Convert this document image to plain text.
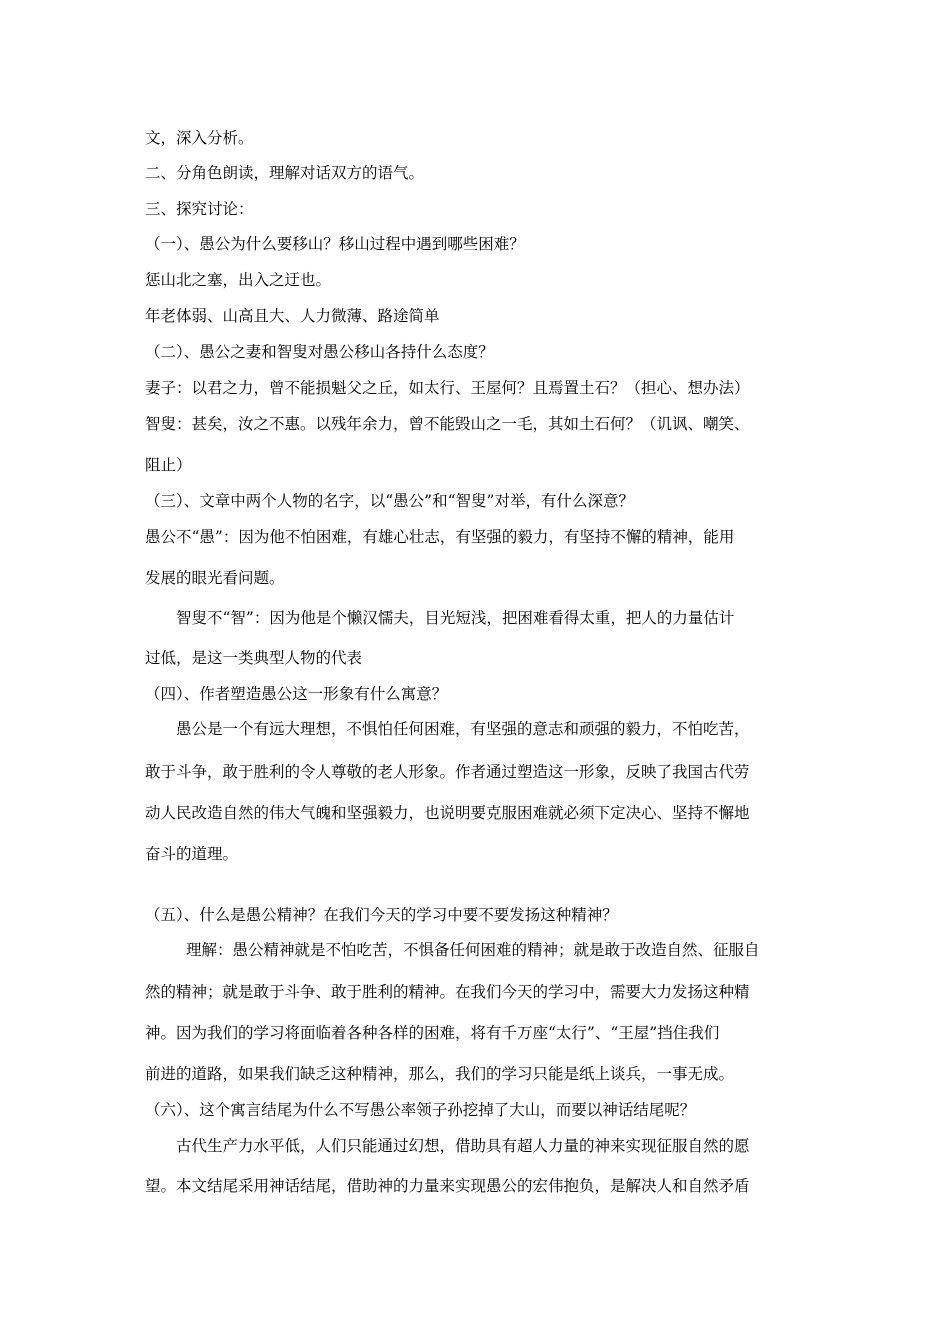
文，深入分析。
二、分角色朗读，理解对话双方的语气。
三、探究讨论：
（一）、愚公为什么要移山？移山过程中遇到哪些困难？
惩山北之塞，出入之迂也。
年老体弱、山高且大、人力微薄、路途简单
（二）、愚公之妻和智叟对愚公移山各持什么态度？
妻子：以君之力，曾不能损魁父之丘，如太行、王屋何？且焉置土石？（担心、想办法）
智叟：甚矣，汝之不惠。以残年余力，曾不能毁山之一毛，其如土石何？（讥讽、嘲笑、
阻止）
（三）、文章中两个人物的名字，以“愚公”和“智叟”对举，有什么深意？
愚公不“愚”：因为他不怕困难，有雄心壮志，有坚强的毅力，有坚持不懈的精神，能用
发展的眼光看问题。
智叟不“智”：因为他是个懒汉懦夫，目光短浅，把困难看得太重，把人的力量估计
过低，是这一类典型人物的代表
（四）、作者塑造愚公这一形象有什么寓意？
愚公是一个有远大理想，不惧怕任何困难，有坚强的意志和顽强的毅力，不怕吃苦，
敢于斗争，敢于胜利的令人尊敬的老人形象。作者通过塑造这一形象，反映了我国古代劳
动人民改造自然的伟大气魄和坚强毅力，也说明要克服困难就必须下定决心、坚持不懈地
奋斗的道理。
（五）、什么是愚公精神？在我们今天的学习中要不要发扬这种精神？
理解：愚公精神就是不怕吃苦，不惧备任何困难的精神；就是敢于改造自然、征服自
然的精神；就是敢于斗争、敢于胜利的精神。在我们今天的学习中，需要大力发扬这种精
神。因为我们的学习将面临着各种各样的困难，将有千万座“太行”、“王屋”挡住我们
前进的道路，如果我们缺乏这种精神，那么，我们的学习只能是纸上谈兵，一事无成。
（六）、这个寓言结尾为什么不写愚公率领子孙挖掉了大山，而要以神话结尾呢？
古代生产力水平低，人们只能通过幻想，借助具有超人力量的神来实现征服自然的愿
望。本文结尾采用神话结尾，借助神的力量来实现愚公的宏伟抱负，是解决人和自然矛盾
